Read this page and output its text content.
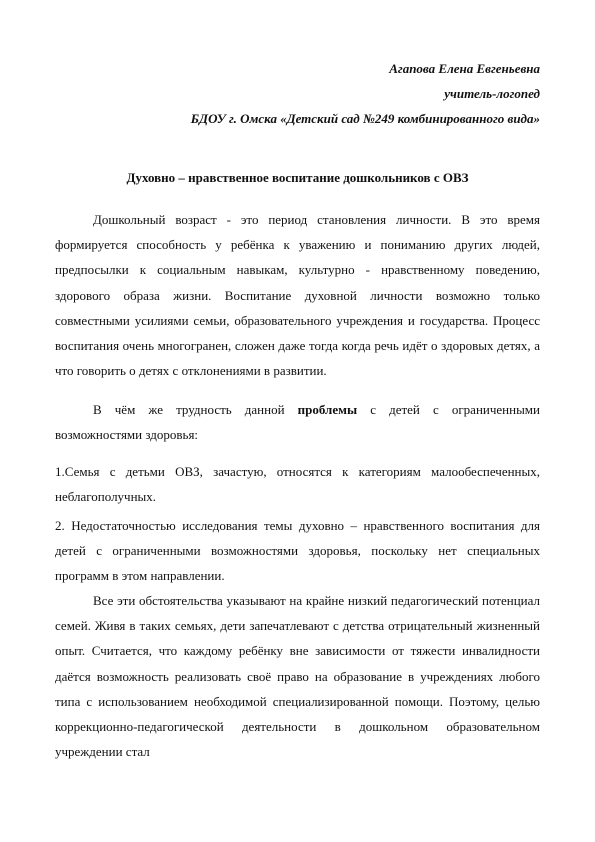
Агапова Елена Евгеньевна
учитель-логопед
БДОУ г. Омска «Детский сад №249 комбинированного вида»
Духовно – нравственное воспитание дошкольников с ОВЗ

Дошкольный возраст - это период становления личности. В это время формируется способность у ребёнка к уважению и пониманию других людей, предпосылки к социальным навыкам, культурно - нравственному поведению, здорового образа жизни. Воспитание духовной личности возможно только совместными усилиями семьи, образовательного учреждения и государства. Процесс воспитания очень многогранен, сложен даже тогда когда речь идёт о здоровых детях, а что говорить о детях с отклонениями в развитии.

В чём же трудность данной проблемы с детей с ограниченными возможностями здоровья:

1.Семья с детьми ОВЗ, зачастую, относятся к категориям малообеспеченных, неблагополучных.

2. Недостаточностью исследования темы духовно – нравственного воспитания для детей с ограниченными возможностями здоровья, поскольку нет специальных программ в этом направлении.

Все эти обстоятельства указывают на крайне низкий педагогический потенциал семей. Живя в таких семьях, дети запечатлевают с детства отрицательный жизненный опыт. Считается, что каждому ребёнку вне зависимости от тяжести инвалидности даётся возможность реализовать своё право на образование в учреждениях любого типа с использованием необходимой специализированной помощи. Поэтому, целью коррекционно-педагогической деятельности в дошкольном образовательном учреждении стал
